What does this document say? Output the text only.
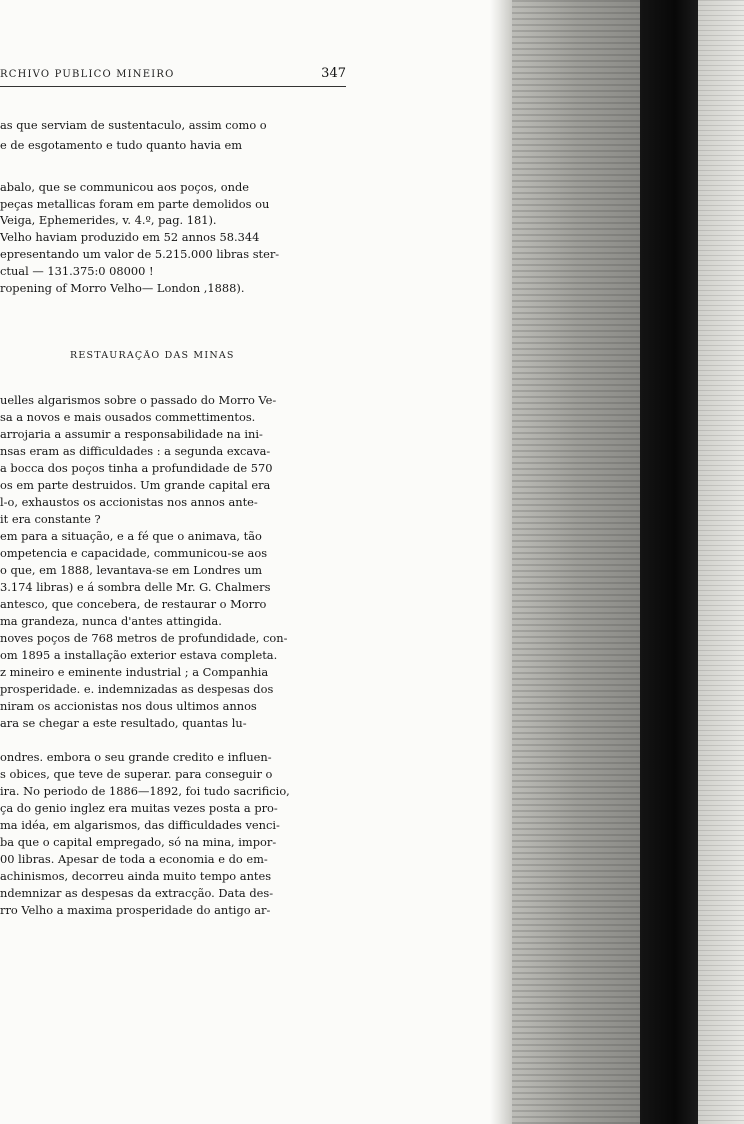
RCHIVO PUBLICO MINEIRO	347
as que serviam de sustentaculo, assim como o
e de esgotamento e tudo quanto havia em
abalo, que se communicou aos poços, onde
peças metallicas foram em parte demolidos ou
Veiga, Ephemerides, v. 4.º, pag. 181).
Velho haviam produzido em 52 annos 58.344
epresentando um valor de 5.215.000 libras ster-
ctual — 131.375:0 08000 !
ropening of Morro Velho— London ,1888).
RESTAURAÇÃO DAS MINAS
uelles algarismos sobre o passado do Morro Ve-
sa a novos e mais ousados commettimentos.
arrojaria a assumir a responsabilidade na ini-
nsas eram as difficuldades : a segunda excava-
a bocca dos poços tinha a profundidade de 570
os em parte destruidos. Um grande capital era
l-o, exhaustos os accionistas nos annos ante-
it era constante ?
em para a situação, e a fé que o animava, tão
ompetencia e capacidade, communicou-se aos
o que, em 1888, levantava-se em Londres um
3.174 libras) e á sombra delle Mr. G. Chalmers
antesco, que concebera, de restaurar o Morro
ma grandeza, nunca d'antes attingida.
noves poços de 768 metros de profundidade, con-
om 1895 a installação exterior estava completa.
z mineiro e eminente industrial ; a Companhia
prosperidade. e. indemnizadas as despesas dos
niram os accionistas nos dous ultimos annos
ara se chegar a este resultado, quantas lu-
ondres. embora o seu grande credito e influen-
s obices, que teve de superar. para conseguir o
ira. No periodo de 1886—1892, foi tudo sacrificio,
ça do genio inglez era muitas vezes posta a pro-
ma idéa, em algarismos, das difficuldades venci-
ba que o capital empregado, só na mina, impor-
00 libras. Apesar de toda a economia e do em-
achinismos, decorreu ainda muito tempo antes
ndemnizar as despesas da extracção. Data des-
rro Velho a maxima prosperidade do antigo ar-
